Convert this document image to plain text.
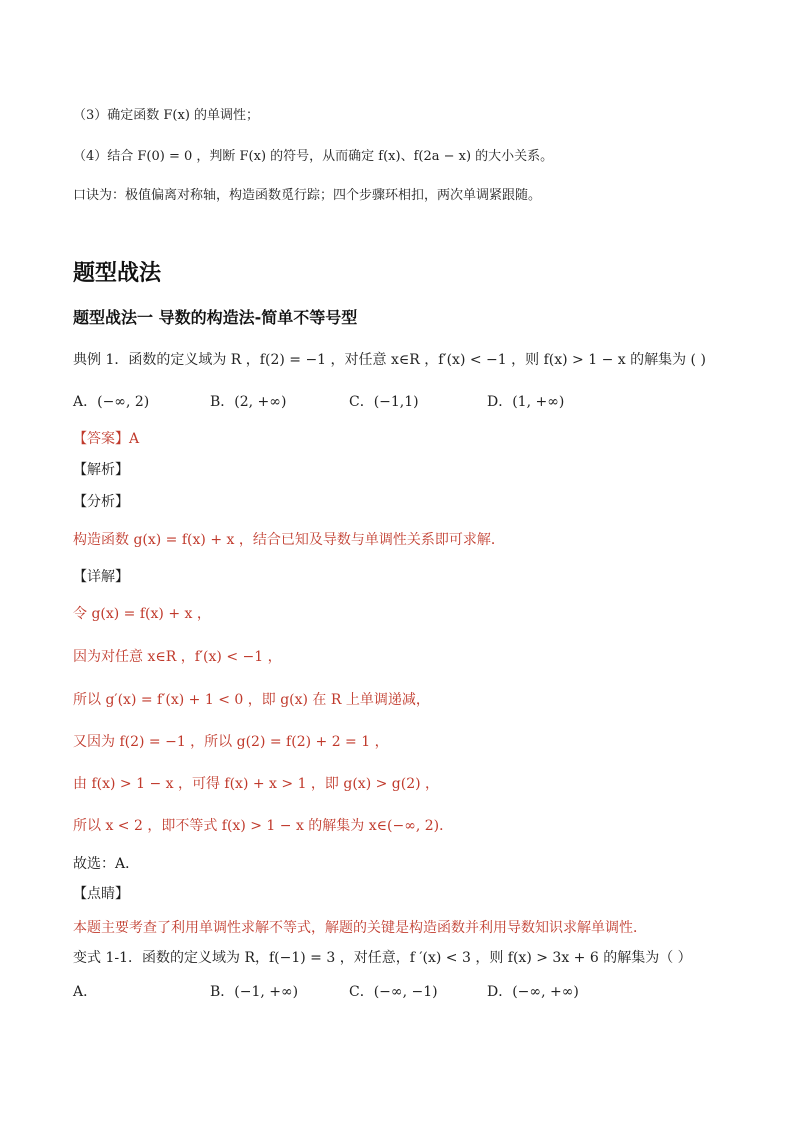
（3）确定函数 F(x) 的单调性；
（4）结合 F(0) = 0 ，判断 F(x) 的符号，从而确定 f(x)、f(2a − x) 的大小关系。
口诀为：极值偏离对称轴，构造函数觅行踪；四个步骤环相扣，两次单调紧跟随。
题型战法
题型战法一 导数的构造法-简单不等号型
典例 1．函数的定义域为 R ，f(2) = −1 ，对任意 x∈R ，f′(x) < −1 ，则 f(x) > 1 − x 的解集为 ( )
A．(−∞, 2)	B．(2, +∞)	C．(−1,1)	D．(1, +∞)
【答案】A
【解析】
【分析】
构造函数 g(x) = f(x) + x ，结合已知及导数与单调性关系即可求解．
【详解】
令 g(x) = f(x) + x ，
因为对任意 x∈R ，f′(x) < −1 ，
所以 g′(x) = f′(x) + 1 < 0 ，即 g(x) 在 R 上单调递减，
又因为 f(2) = −1 ，所以 g(2) = f(2) + 2 = 1 ，
由 f(x) > 1 − x ，可得 f(x) + x > 1 ，即 g(x) > g(2) ，
所以 x < 2 ，即不等式 f(x) > 1 − x 的解集为 x∈(−∞, 2)．
故选：A．
【点睛】
本题主要考查了利用单调性求解不等式，解题的关键是构造函数并利用导数知识求解单调性．
变式 1-1．函数的定义域为 R，f(−1) = 3 ，对任意，f ′(x) < 3 ，则 f(x) > 3x + 6 的解集为（ ）
A．	B．(−1, +∞)	C．(−∞, −1)	D．(−∞, +∞)
